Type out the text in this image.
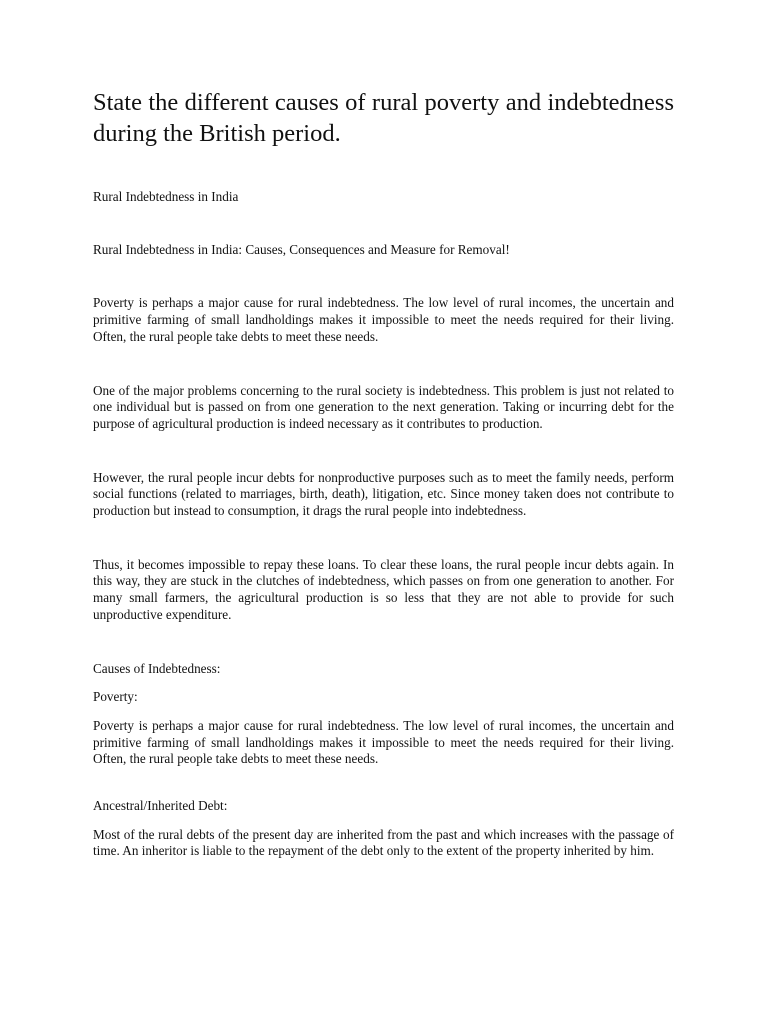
State the different causes of rural poverty and indebtedness during the British period.

Rural Indebtedness in India

Rural Indebtedness in India: Causes, Consequences and Measure for Removal!

Poverty is perhaps a major cause for rural indebtedness. The low level of rural incomes, the uncertain and primitive farming of small landholdings makes it impossible to meet the needs required for their living. Often, the rural people take debts to meet these needs.

One of the major problems concerning to the rural society is indebtedness. This problem is just not related to one individual but is passed on from one generation to the next generation. Taking or incurring debt for the purpose of agricultural production is indeed necessary as it contributes to production.

However, the rural people incur debts for nonproductive purposes such as to meet the family needs, perform social functions (related to marriages, birth, death), litigation, etc. Since money taken does not contribute to production but instead to consumption, it drags the rural people into indebtedness.

Thus, it becomes impossible to repay these loans. To clear these loans, the rural people incur debts again. In this way, they are stuck in the clutches of indebtedness, which passes on from one generation to another. For many small farmers, the agricultural production is so less that they are not able to provide for such unproductive expenditure.

Causes of Indebtedness:

Poverty:

Poverty is perhaps a major cause for rural indebtedness. The low level of rural incomes, the uncertain and primitive farming of small landholdings makes it impossible to meet the needs required for their living. Often, the rural people take debts to meet these needs.

Ancestral/Inherited Debt:

Most of the rural debts of the present day are inherited from the past and which increases with the passage of time. An inheritor is liable to the repayment of the debt only to the extent of the property inherited by him.
